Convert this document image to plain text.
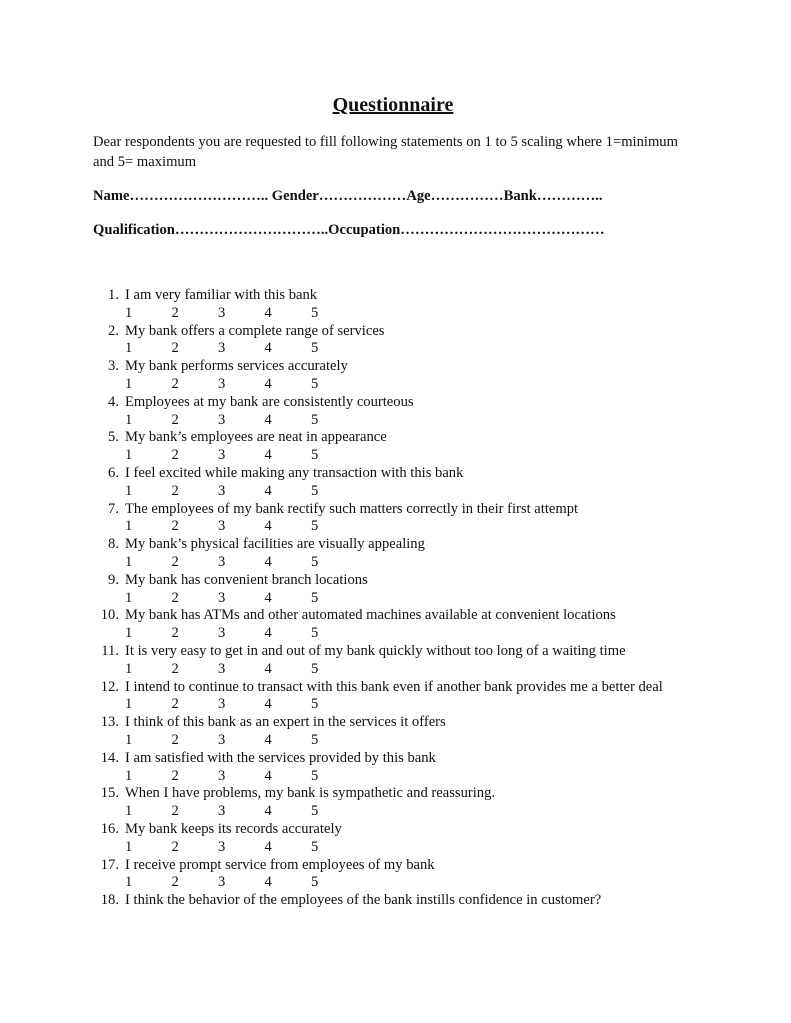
Questionnaire

Dear respondents you are requested to fill following statements on 1 to 5 scaling where 1=minimum and 5= maximum

Name……………………….. Gender………………Age……………Bank…………..

Qualification…………………………..Occupation……………………………………

1. I am very familiar with this bank
1	2	3	4	5
2. My bank offers a complete range of services
1	2	3	4	5
3. My bank performs services accurately
1	2	3	4	5
4. Employees at my bank are consistently courteous
1	2	3	4	5
5. My bank’s employees are neat in appearance
1	2	3	4	5
6. I feel excited while making any transaction with this bank
1	2	3	4	5
7. The employees of my bank rectify such matters correctly in their first attempt
1	2	3	4	5
8. My bank’s physical facilities are visually appealing
1	2	3	4	5
9. My bank has convenient branch locations
1	2	3	4	5
10. My bank has ATMs and other automated machines available at convenient locations
1	2	3	4	5
11. It is very easy to get in and out of my bank quickly without too long of a waiting time
1	2	3	4	5
12. I intend to continue to transact with this bank even if another bank provides me a better deal
1	2	3	4	5
13. I think of this bank as an expert in the services it offers
1	2	3	4	5
14. I am satisfied with the services provided by this bank
1	2	3	4	5
15. When I have problems, my bank is sympathetic and reassuring.
1	2	3	4	5
16. My bank keeps its records accurately
1	2	3	4	5
17. I receive prompt service from employees of my bank
1	2	3	4	5
18. I think the behavior of the employees of the bank instills confidence in customer?
